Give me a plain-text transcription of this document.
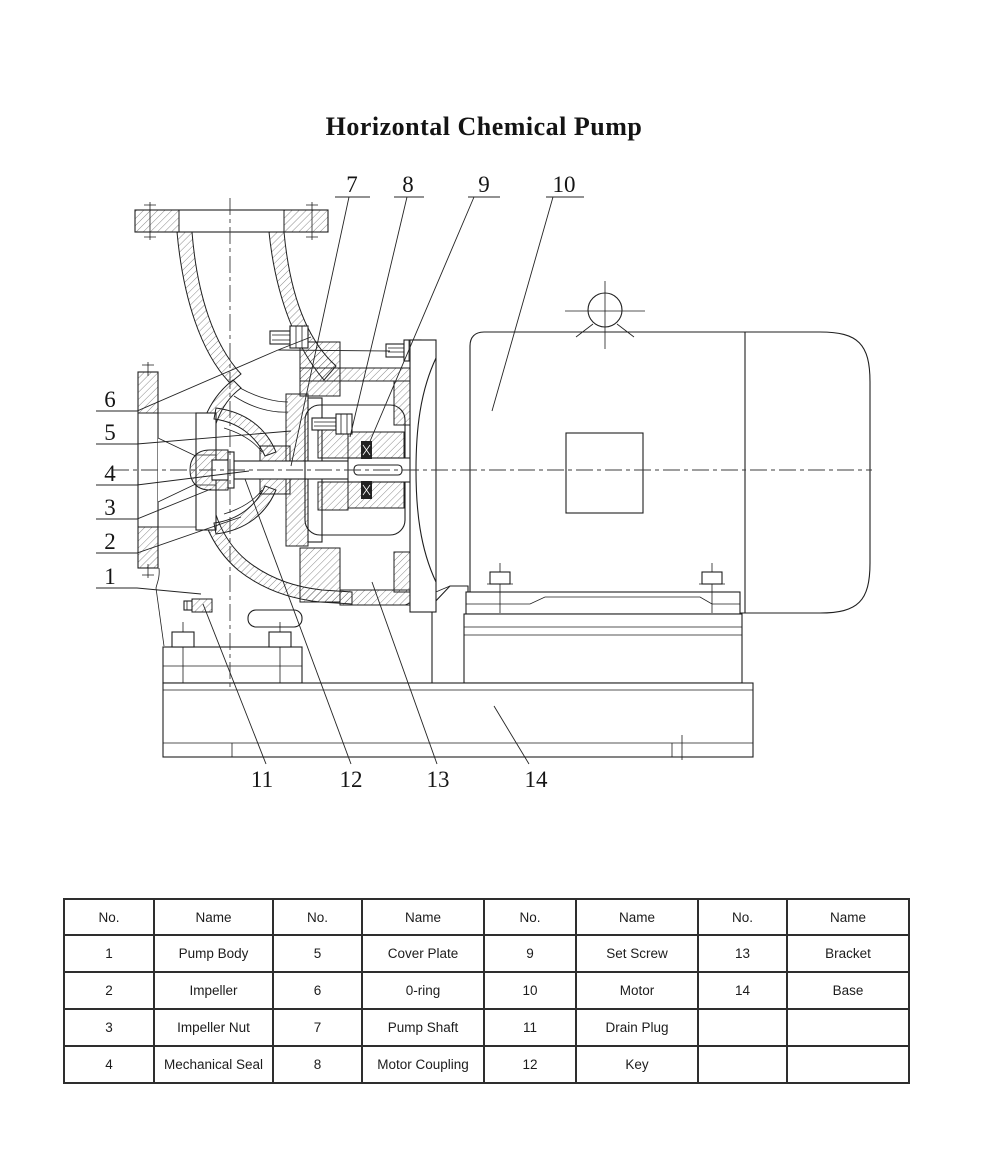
Horizontal Chemical Pump
7 8	9	10
6
5
4
3
2
1
11	12	13	14
No.	Name	No.	Name	No.	Name	No.	Name
1	Pump Body	5	Cover Plate	9	Set Screw	13	Bracket
2	Impeller	6	0-ring	10	Motor	14	Base
3	Impeller Nut	7	Pump Shaft	11	Drain Plug		
4	Mechanical Seal	8	Motor Coupling	12	Key		
